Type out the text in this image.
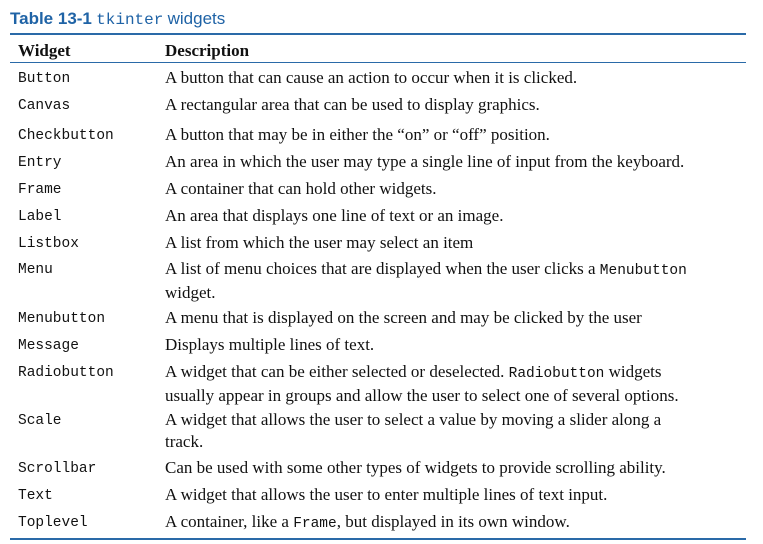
Table 13-1 tkinter widgets
Widget	Description
Button	A button that can cause an action to occur when it is clicked.
Canvas	A rectangular area that can be used to display graphics.
Checkbutton	A button that may be in either the “on” or “off” position.
Entry	An area in which the user may type a single line of input from the keyboard.
Frame	A container that can hold other widgets.
Label	An area that displays one line of text or an image.
Listbox	A list from which the user may select an item
Menu	A list of menu choices that are displayed when the user clicks a Menubutton
widget.
Menubutton	A menu that is displayed on the screen and may be clicked by the user
Message	Displays multiple lines of text.
Radiobutton	A widget that can be either selected or deselected. Radiobutton widgets
usually appear in groups and allow the user to select one of several options.
Scale	A widget that allows the user to select a value by moving a slider along a
track.
Scrollbar	Can be used with some other types of widgets to provide scrolling ability.
Text	A widget that allows the user to enter multiple lines of text input.
Toplevel	A container, like a Frame, but displayed in its own window.
